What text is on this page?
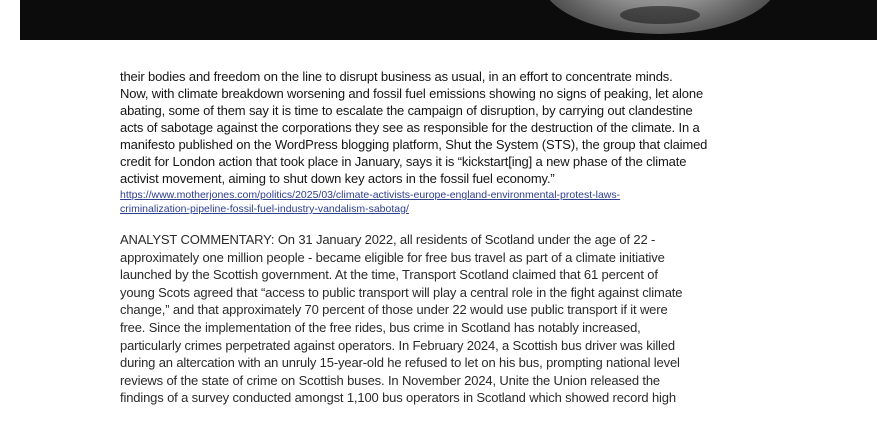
their bodies and freedom on the line to disrupt business as usual, in an effort to concentrate minds.
Now, with climate breakdown worsening and fossil fuel emissions showing no signs of peaking, let alone
abating, some of them say it is time to escalate the campaign of disruption, by carrying out clandestine
acts of sabotage against the corporations they see as responsible for the destruction of the climate. In a
manifesto published on the WordPress blogging platform, Shut the System (STS), the group that claimed
credit for London action that took place in January, says it is “kickstart[ing] a new phase of the climate
activist movement, aiming to shut down key actors in the fossil fuel economy.”

https://www.motherjones.com/politics/2025/03/climate-activists-europe-england-environmental-protest-laws-
criminalization-pipeline-fossil-fuel-industry-vandalism-sabotag/
ANALYST COMMENTARY: On 31 January 2022, all residents of Scotland under the age of 22 -
approximately one million people - became eligible for free bus travel as part of a climate initiative
launched by the Scottish government. At the time, Transport Scotland claimed that 61 percent of
young Scots agreed that “access to public transport will play a central role in the fight against climate
change,” and that approximately 70 percent of those under 22 would use public transport if it were
free. Since the implementation of the free rides, bus crime in Scotland has notably increased,
particularly crimes perpetrated against operators. In February 2024, a Scottish bus driver was killed
during an altercation with an unruly 15-year-old he refused to let on his bus, prompting national level
reviews of the state of crime on Scottish buses. In November 2024, Unite the Union released the
findings of a survey conducted amongst 1,100 bus operators in Scotland which showed record high
